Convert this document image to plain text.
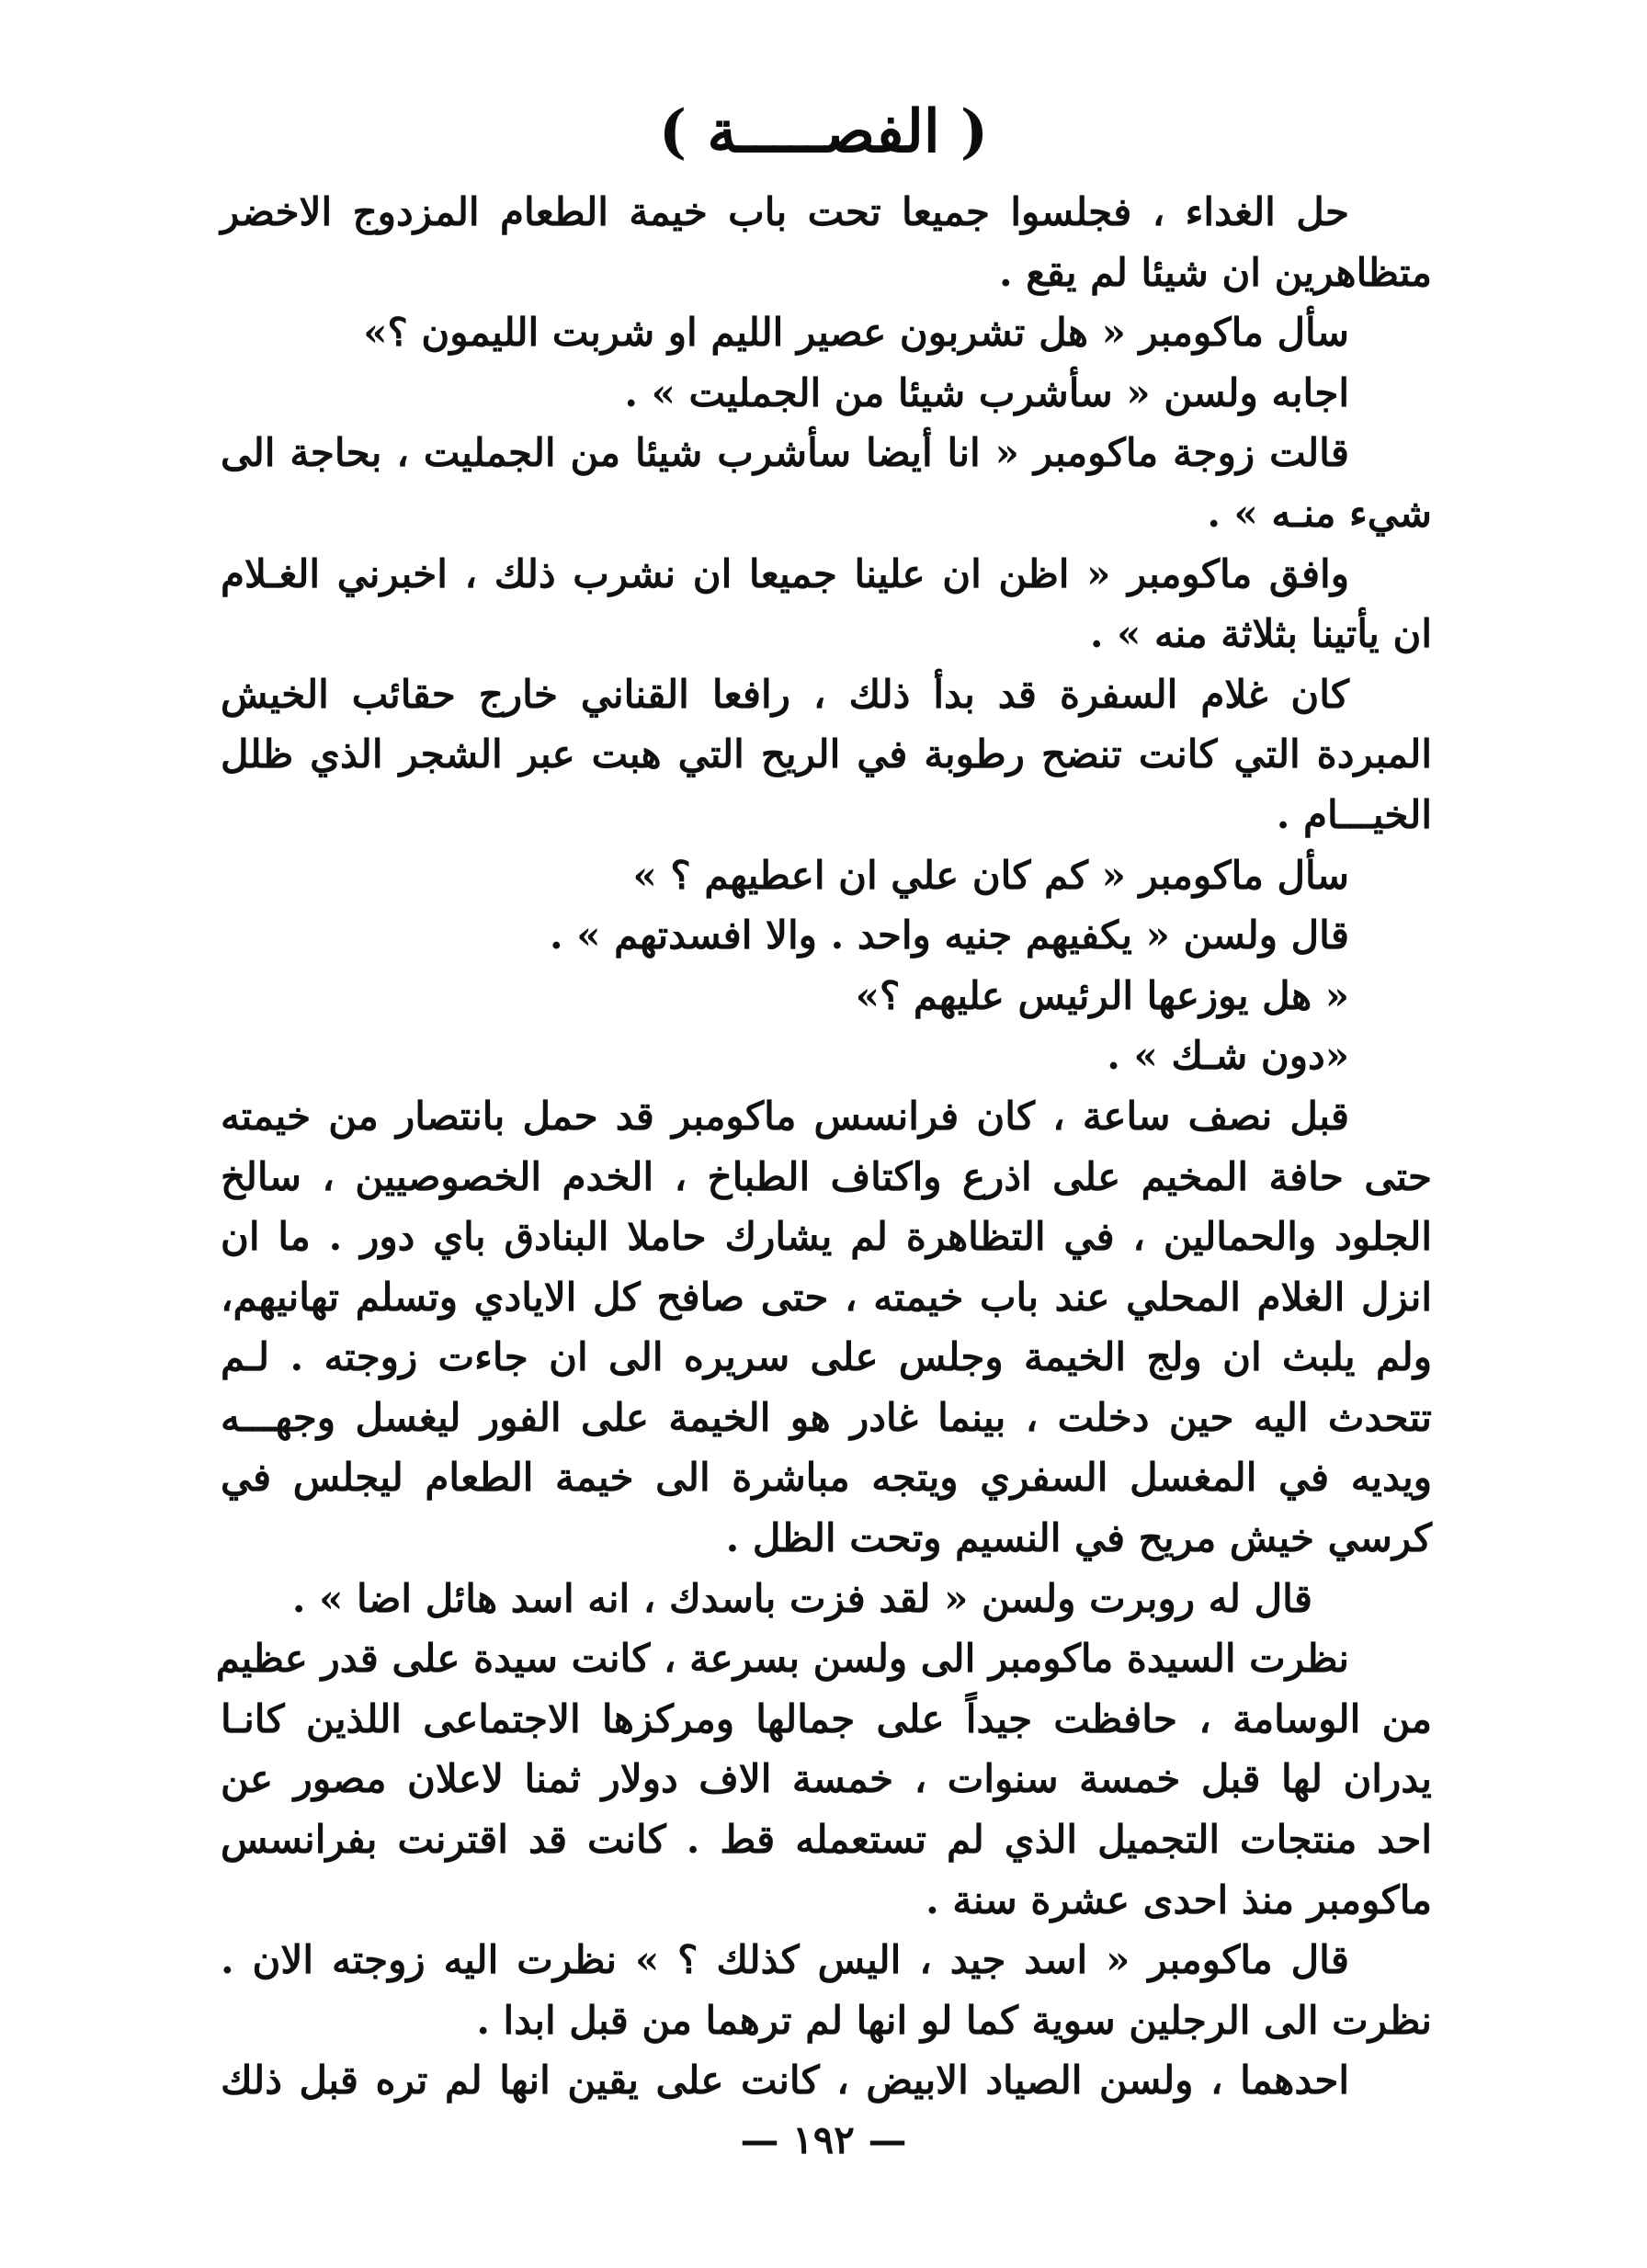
( الفصـــــة )
حل الغداء ، فجلسوا جميعا تحت باب خيمة الطعام المزدوج الاخضر
متظاهرين ان شيئا لم يقع .
سأل ماكومبر « هل تشربون عصير الليم او شربت الليمون ؟»
اجابه ولسن « سأشرب شيئا من الجمليت » .
قالت زوجة ماكومبر « انا أيضا سأشرب شيئا من الجمليت ، بحاجة الى
شيء منـه » .
وافق ماكومبر « اظن ان علينا جميعا ان نشرب ذلك ، اخبرني الغـلام
ان يأتينا بثلاثة منه » .
كان غلام السفرة قد بدأ ذلك ، رافعا القناني خارج حقائب الخيش
المبردة التي كانت تنضح رطوبة في الريح التي هبت عبر الشجر الذي ظلل
الخيـــام .
سأل ماكومبر « كم كان علي ان اعطيهم ؟ »
قال ولسن « يكفيهم جنيه واحد . والا افسدتهم » .
« هل يوزعها الرئيس عليهم ؟»
«دون شـك » .
قبل نصف ساعة ، كان فرانسس ماكومبر قد حمل بانتصار من خيمته
حتى حافة المخيم على اذرع واكتاف الطباخ ، الخدم الخصوصيين ، سالخ
الجلود والحمالين ، في التظاهرة لم يشارك حاملا البنادق باي دور . ما ان
انزل الغلام المحلي عند باب خيمته ، حتى صافح كل الايادي وتسلم تهانيهم،
ولم يلبث ان ولج الخيمة وجلس على سريره الى ان جاءت زوجته . لـم
تتحدث اليه حين دخلت ، بينما غادر هو الخيمة على الفور ليغسل وجهـــه
ويديه في المغسل السفري ويتجه مباشرة الى خيمة الطعام ليجلس في
كرسي خيش مريح في النسيم وتحت الظل .
قال له روبرت ولسن « لقد فزت باسدك ، انه اسد هائل اضا » .
نظرت السيدة ماكومبر الى ولسن بسرعة ، كانت سيدة على قدر عظيم
من الوسامة ، حافظت جيداً على جمالها ومركزها الاجتماعى اللذين كانـا
يدران لها قبل خمسة سنوات ، خمسة الاف دولار ثمنا لاعلان مصور عن
احد منتجات التجميل الذي لم تستعمله قط . كانت قد اقترنت بفرانسس
ماكومبر منذ احدى عشرة سنة .
قال ماكومبر « اسد جيد ، اليس كذلك ؟ » نظرت اليه زوجته الان .
نظرت الى الرجلين سوية كما لو انها لم ترهما من قبل ابدا .
احدهما ، ولسن الصياد الابيض ، كانت على يقين انها لم تره قبل ذلك
— ١٩٢ —
